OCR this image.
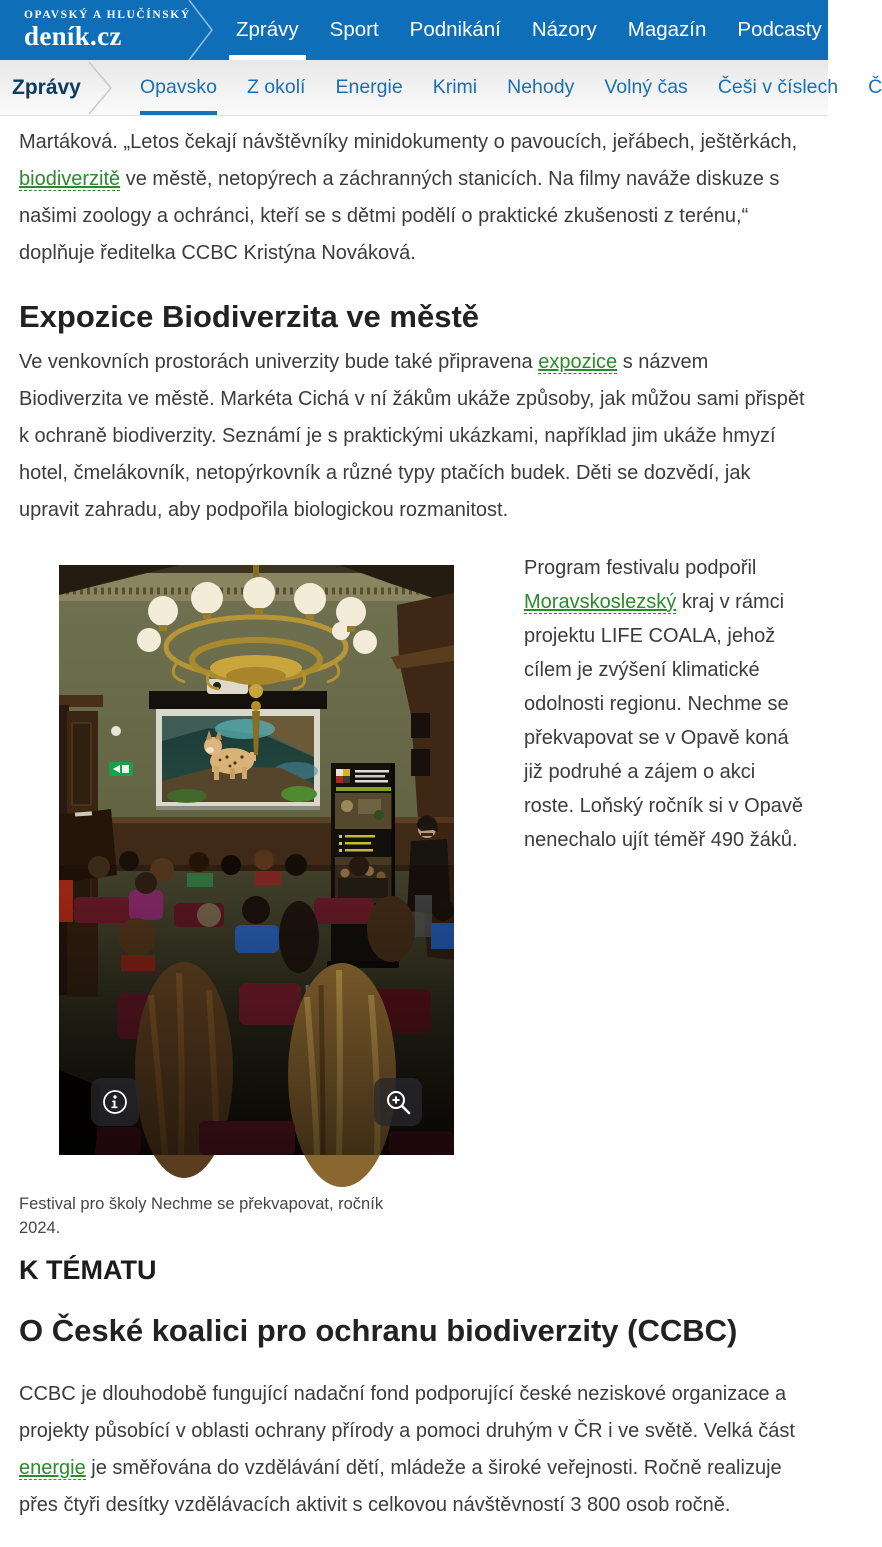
OPAVSKÝ A HLUČÍNSKÝ
deník.cz	Zprávy Sport Podnikání Názory Magazín Podcasty
Zprávy	Opavsko Z okolí Energie Krimi Nehody Volný čas Češi v číslech Č

Martáková. „Letos čekají návštěvníky minidokumenty o pavoucích, jeřábech, ještěrkách, biodiverzitě ve městě, netopýrech a záchranných stanicích. Na filmy naváže diskuze s našimi zoology a ochránci, kteří se s dětmi podělí o praktické zkušenosti z terénu,“ doplňuje ředitelka CCBC Kristýna Nováková.

Expozice Biodiverzita ve městě

Ve venkovních prostorách univerzity bude také připravena expozice s názvem Biodiverzita ve městě. Markéta Cichá v ní žákům ukáže způsoby, jak můžou sami přispět k ochraně biodiverzity. Seznámí je s praktickými ukázkami, například jim ukáže hmyzí hotel, čmelákovník, netopýrkovník a různé typy ptačích budek. Děti se dozvědí, jak upravit zahradu, aby podpořila biologickou rozmanitost.

Program festivalu podpořil Moravskoslezský kraj v rámci projektu LIFE COALA, jehož cílem je zvýšení klimatické odolnosti regionu. Nechme se překvapovat se v Opavě koná již podruhé a zájem o akci roste. Loňský ročník si v Opavě nenechalo ujít téměř 490 žáků.
Festival pro školy Nechme se překvapovat, ročník 2024.
K TÉMATU
O České koalici pro ochranu biodiverzity (CCBC)

CCBC je dlouhodobě fungující nadační fond podporující české neziskové organizace a projekty působící v oblasti ochrany přírody a pomoci druhým v ČR i ve světě. Velká část energie je směřována do vzdělávání dětí, mládeže a široké veřejnosti. Ročně realizuje přes čtyři desítky vzdělávacích aktivit s celkovou návštěvností 3 800 osob ročně.
